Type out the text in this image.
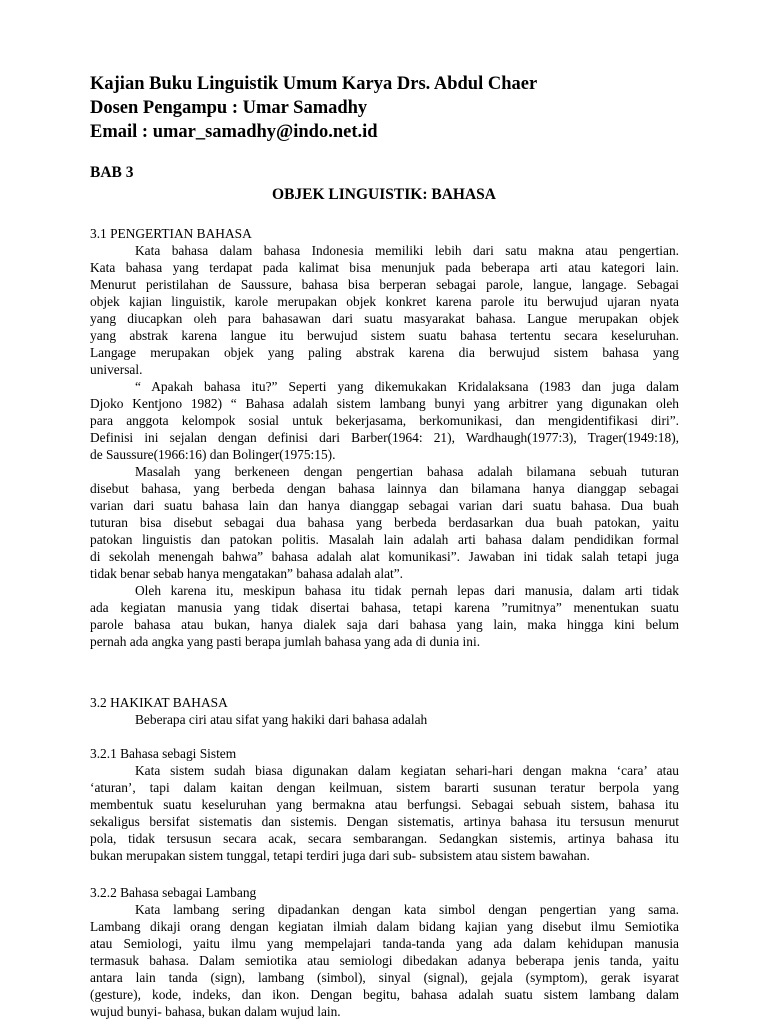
Kajian Buku Linguistik Umum Karya Drs. Abdul Chaer
Dosen Pengampu : Umar Samadhy
Email : umar_samadhy@indo.net.id
BAB 3
OBJEK LINGUISTIK: BAHASA
3.1 PENGERTIAN BAHASA
Kata bahasa dalam bahasa Indonesia memiliki lebih dari satu makna atau pengertian.
Kata bahasa yang terdapat pada kalimat bisa menunjuk pada beberapa arti atau kategori lain.
Menurut peristilahan de Saussure, bahasa bisa berperan sebagai parole, langue, langage. Sebagai
objek kajian linguistik, karole merupakan objek konkret karena parole itu berwujud ujaran nyata
yang diucapkan oleh para bahasawan dari suatu masyarakat bahasa. Langue merupakan objek
yang abstrak karena langue itu berwujud sistem suatu bahasa tertentu secara keseluruhan.
Langage merupakan objek yang paling abstrak karena dia berwujud sistem bahasa yang
universal.
“ Apakah bahasa itu?” Seperti yang dikemukakan Kridalaksana (1983 dan juga dalam
Djoko Kentjono 1982) “ Bahasa adalah sistem lambang bunyi yang arbitrer yang digunakan oleh
para anggota kelompok sosial untuk bekerjasama, berkomunikasi, dan mengidentifikasi diri”.
Definisi ini sejalan dengan definisi dari Barber(1964: 21), Wardhaugh(1977:3), Trager(1949:18),
de Saussure(1966:16) dan Bolinger(1975:15).
Masalah yang berkeneen dengan pengertian bahasa adalah bilamana sebuah tuturan
disebut bahasa, yang berbeda dengan bahasa lainnya dan bilamana hanya dianggap sebagai
varian dari suatu bahasa lain dan hanya dianggap sebagai varian dari suatu bahasa. Dua buah
tuturan bisa disebut sebagai dua bahasa yang berbeda berdasarkan dua buah patokan, yaitu
patokan linguistis dan patokan politis. Masalah lain adalah arti bahasa dalam pendidikan formal
di sekolah menengah bahwa” bahasa adalah alat komunikasi”. Jawaban ini tidak salah tetapi juga
tidak benar sebab hanya mengatakan” bahasa adalah alat”.
Oleh karena itu, meskipun bahasa itu tidak pernah lepas dari manusia, dalam arti tidak
ada kegiatan manusia yang tidak disertai bahasa, tetapi karena ”rumitnya” menentukan suatu
parole bahasa atau bukan, hanya dialek saja dari bahasa yang lain, maka hingga kini belum
pernah ada angka yang pasti berapa jumlah bahasa yang ada di dunia ini.
3.2 HAKIKAT BAHASA
Beberapa ciri atau sifat yang hakiki dari bahasa adalah
3.2.1 Bahasa sebagi Sistem
Kata sistem sudah biasa digunakan dalam kegiatan sehari-hari dengan makna ‘cara’ atau
‘aturan’, tapi dalam kaitan dengan keilmuan, sistem bararti susunan teratur berpola yang
membentuk suatu keseluruhan yang bermakna atau berfungsi. Sebagai sebuah sistem, bahasa itu
sekaligus bersifat sistematis dan sistemis. Dengan sistematis, artinya bahasa itu tersusun menurut
pola, tidak tersusun secara acak, secara sembarangan. Sedangkan sistemis, artinya bahasa itu
bukan merupakan sistem tunggal, tetapi terdiri juga dari sub- subsistem atau sistem bawahan.
3.2.2 Bahasa sebagai Lambang
Kata lambang sering dipadankan dengan kata simbol dengan pengertian yang sama.
Lambang dikaji orang dengan kegiatan ilmiah dalam bidang kajian yang disebut ilmu Semiotika
atau Semiologi, yaitu ilmu yang mempelajari tanda-tanda yang ada dalam kehidupan manusia
termasuk bahasa. Dalam semiotika atau semiologi dibedakan adanya beberapa jenis tanda, yaitu
antara lain tanda (sign), lambang (simbol), sinyal (signal), gejala (symptom), gerak isyarat
(gesture), kode, indeks, dan ikon. Dengan begitu, bahasa adalah suatu sistem lambang dalam
wujud bunyi- bahasa, bukan dalam wujud lain.
